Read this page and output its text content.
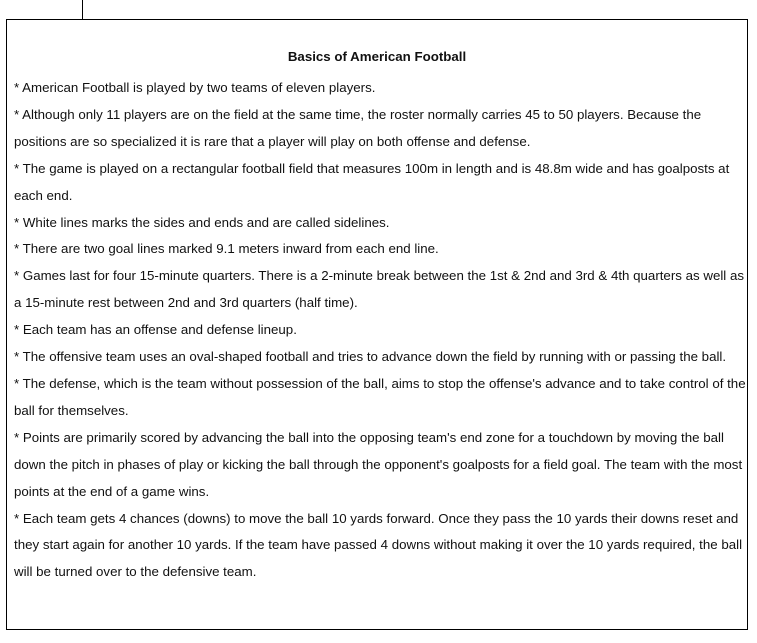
Basics of American Football

* American Football is played by two teams of eleven players.

* Although only 11 players are on the field at the same time, the roster normally carries 45 to 50 players. Because the positions are so specialized it is rare that a player will play on both offense and defense.

* The game is played on a rectangular football field that measures 100m in length and is 48.8m wide and has goalposts at each end.

* White lines marks the sides and ends and are called sidelines.

* There are two goal lines marked 9.1 meters inward from each end line.

* Games last for four 15-minute quarters. There is a 2-minute break between the 1st & 2nd and 3rd & 4th quarters as well as a 15-minute rest between 2nd and 3rd quarters (half time).

* Each team has an offense and defense lineup.

* The offensive team uses an oval-shaped football and tries to advance down the field by running with or passing the ball.

* The defense, which is the team without possession of the ball, aims to stop the offense's advance and to take control of the ball for themselves.

* Points are primarily scored by advancing the ball into the opposing team's end zone for a touchdown by moving the ball down the pitch in phases of play or kicking the ball through the opponent's goalposts for a field goal. The team with the most points at the end of a game wins.

* Each team gets 4 chances (downs) to move the ball 10 yards forward. Once they pass the 10 yards their downs reset and they start again for another 10 yards. If the team have passed 4 downs without making it over the 10 yards required, the ball will be turned over to the defensive team.
